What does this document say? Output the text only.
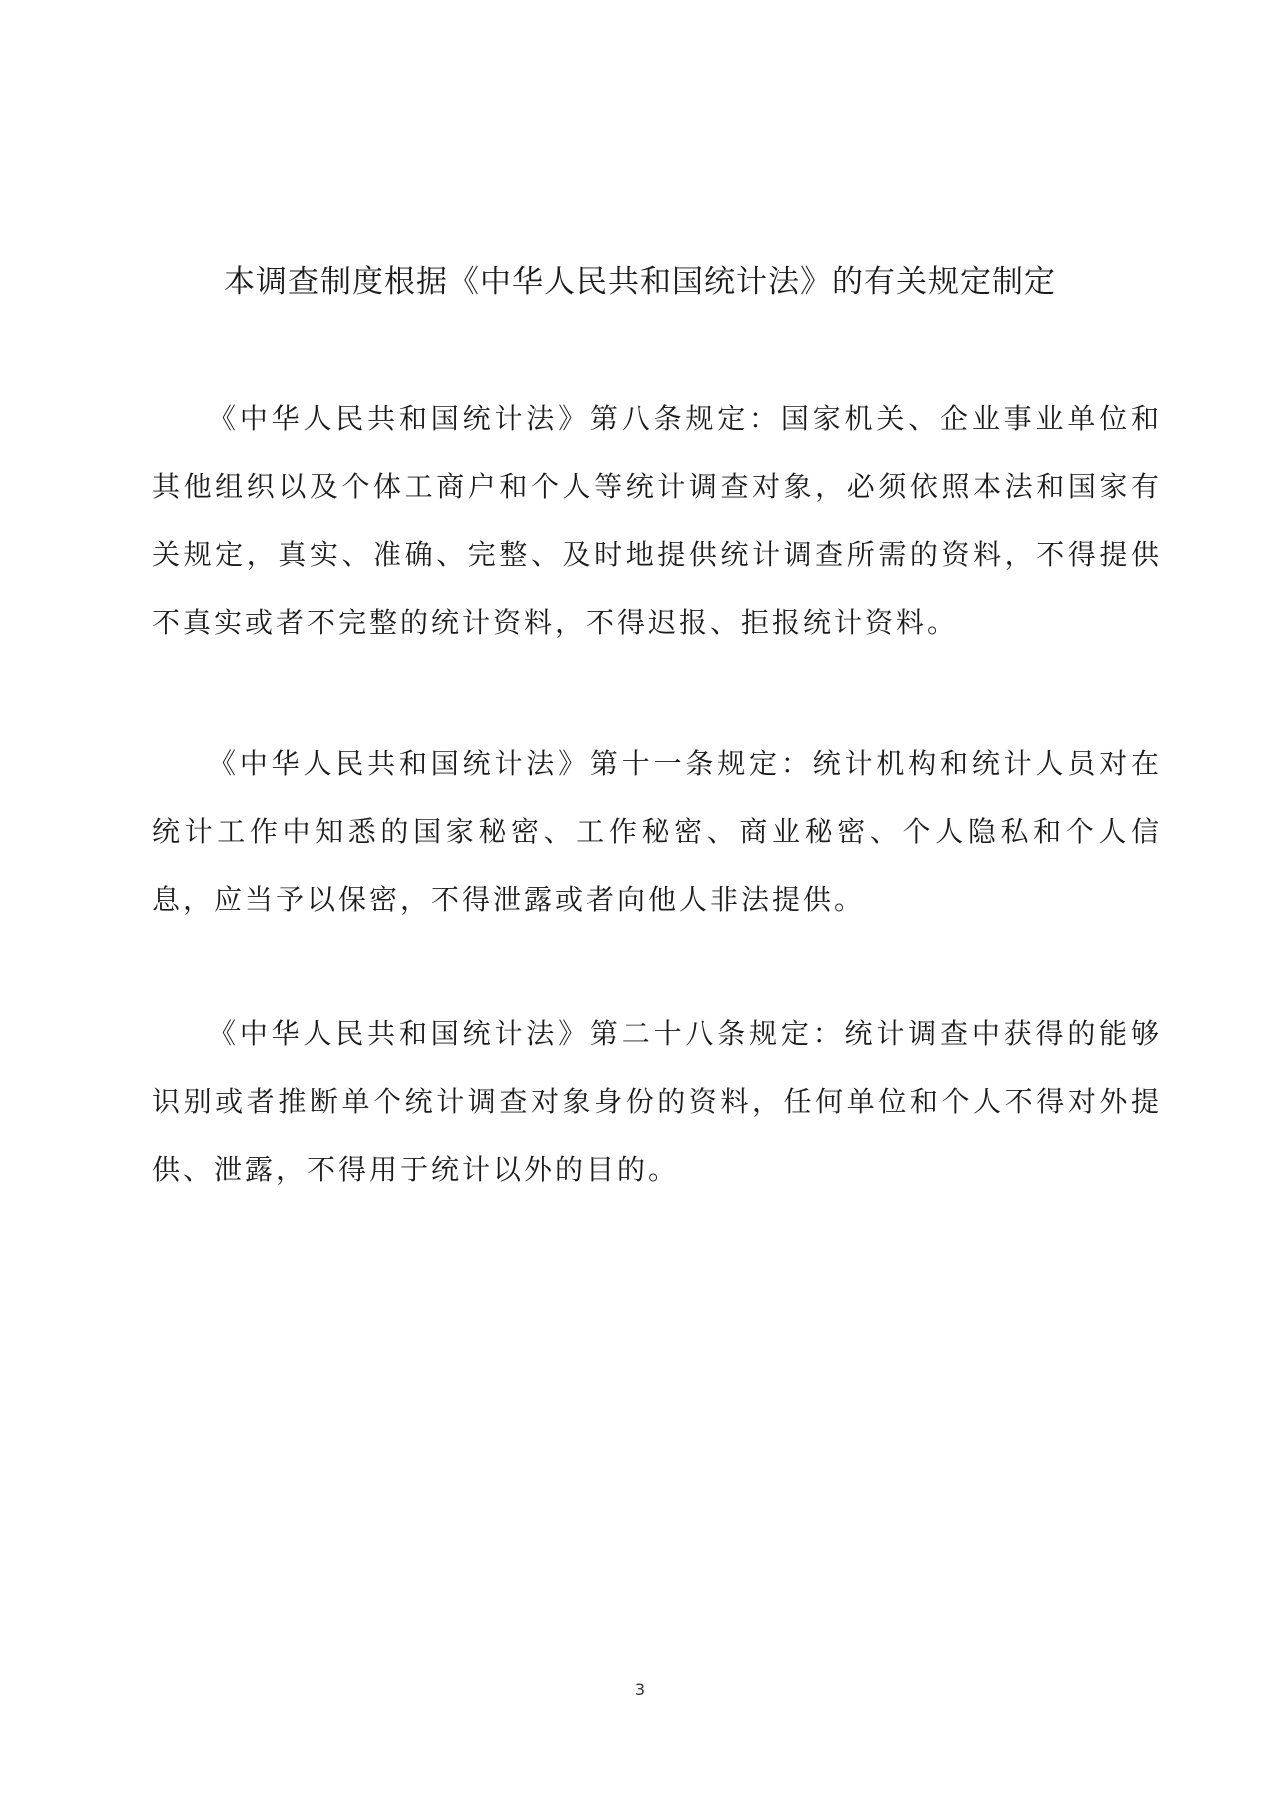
本调查制度根据《中华人民共和国统计法》的有关规定制定

《中华人民共和国统计法》第八条规定：国家机关、企业事业单位和其他组织以及个体工商户和个人等统计调查对象，必须依照本法和国家有关规定，真实、准确、完整、及时地提供统计调查所需的资料，不得提供不真实或者不完整的统计资料，不得迟报、拒报统计资料。

《中华人民共和国统计法》第十一条规定：统计机构和统计人员对在统计工作中知悉的国家秘密、工作秘密、商业秘密、个人隐私和个人信息，应当予以保密，不得泄露或者向他人非法提供。

《中华人民共和国统计法》第二十八条规定：统计调查中获得的能够识别或者推断单个统计调查对象身份的资料，任何单位和个人不得对外提供、泄露，不得用于统计以外的目的。

3
